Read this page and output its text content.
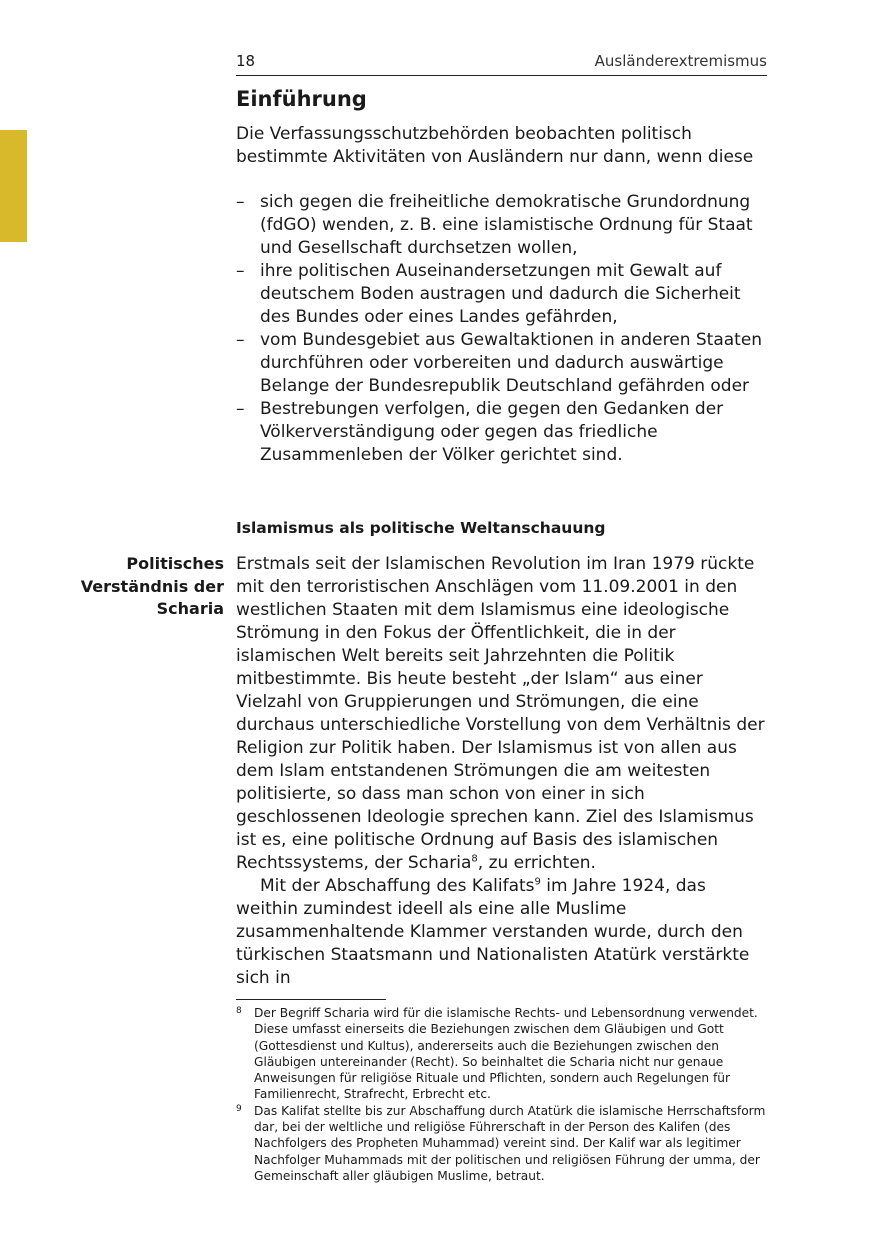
18	Ausländerextremismus
Einführung

Die Verfassungsschutzbehörden beobachten politisch bestimmte Aktivitäten von Ausländern nur dann, wenn diese

– sich gegen die freiheitliche demokratische Grundordnung (fdGO) wenden, z. B. eine islamistische Ordnung für Staat und Gesellschaft durchsetzen wollen,
– ihre politischen Auseinandersetzungen mit Gewalt auf deutschem Boden austragen und dadurch die Sicherheit des Bundes oder eines Landes gefährden,
– vom Bundesgebiet aus Gewaltaktionen in anderen Staaten durchführen oder vorbereiten und dadurch auswärtige Belange der Bundesrepublik Deutschland gefährden oder
– Bestrebungen verfolgen, die gegen den Gedanken der Völkerverständigung oder gegen das friedliche Zusammenleben der Völker gerichtet sind.
Islamismus als politische Weltanschauung
Politisches
Verständnis der
Scharia

Erstmals seit der Islamischen Revolution im Iran 1979 rückte mit den terroristischen Anschlägen vom 11.09.2001 in den westlichen Staaten mit dem Islamismus eine ideologische Strömung in den Fokus der Öffentlichkeit, die in der islamischen Welt bereits seit Jahrzehnten die Politik mitbestimmte. Bis heute besteht „der Islam“ aus einer Vielzahl von Gruppierungen und Strömungen, die eine durchaus unterschiedliche Vorstellung von dem Verhältnis der Religion zur Politik haben. Der Islamismus ist von allen aus dem Islam entstandenen Strömungen die am weitesten politisierte, so dass man schon von einer in sich geschlossenen Ideologie sprechen kann. Ziel des Islamismus ist es, eine politische Ordnung auf Basis des islamischen Rechtssystems, der Scharia$^8$, zu errichten.

Mit der Abschaffung des Kalifats$^9$ im Jahre 1924, das weithin zumindest ideell als eine alle Muslime zusammenhaltende Klammer verstanden wurde, durch den türkischen Staatsmann und Nationalisten Atatürk verstärkte sich in

8 Der Begriff Scharia wird für die islamische Rechts- und Lebensordnung verwendet. Diese umfasst einerseits die Beziehungen zwischen dem Gläubigen und Gott (Gottesdienst und Kultus), andererseits auch die Beziehungen zwischen den Gläubigen untereinander (Recht). So beinhaltet die Scharia nicht nur genaue Anweisungen für religiöse Rituale und Pflichten, sondern auch Regelungen für Familienrecht, Strafrecht, Erbrecht etc.

9 Das Kalifat stellte bis zur Abschaffung durch Atatürk die islamische Herrschaftsform dar, bei der weltliche und religiöse Führerschaft in der Person des Kalifen (des Nachfolgers des Propheten Muhammad) vereint sind. Der Kalif war als legitimer Nachfolger Muhammads mit der politischen und religiösen Führung der umma, der Gemeinschaft aller gläubigen Muslime, betraut.
